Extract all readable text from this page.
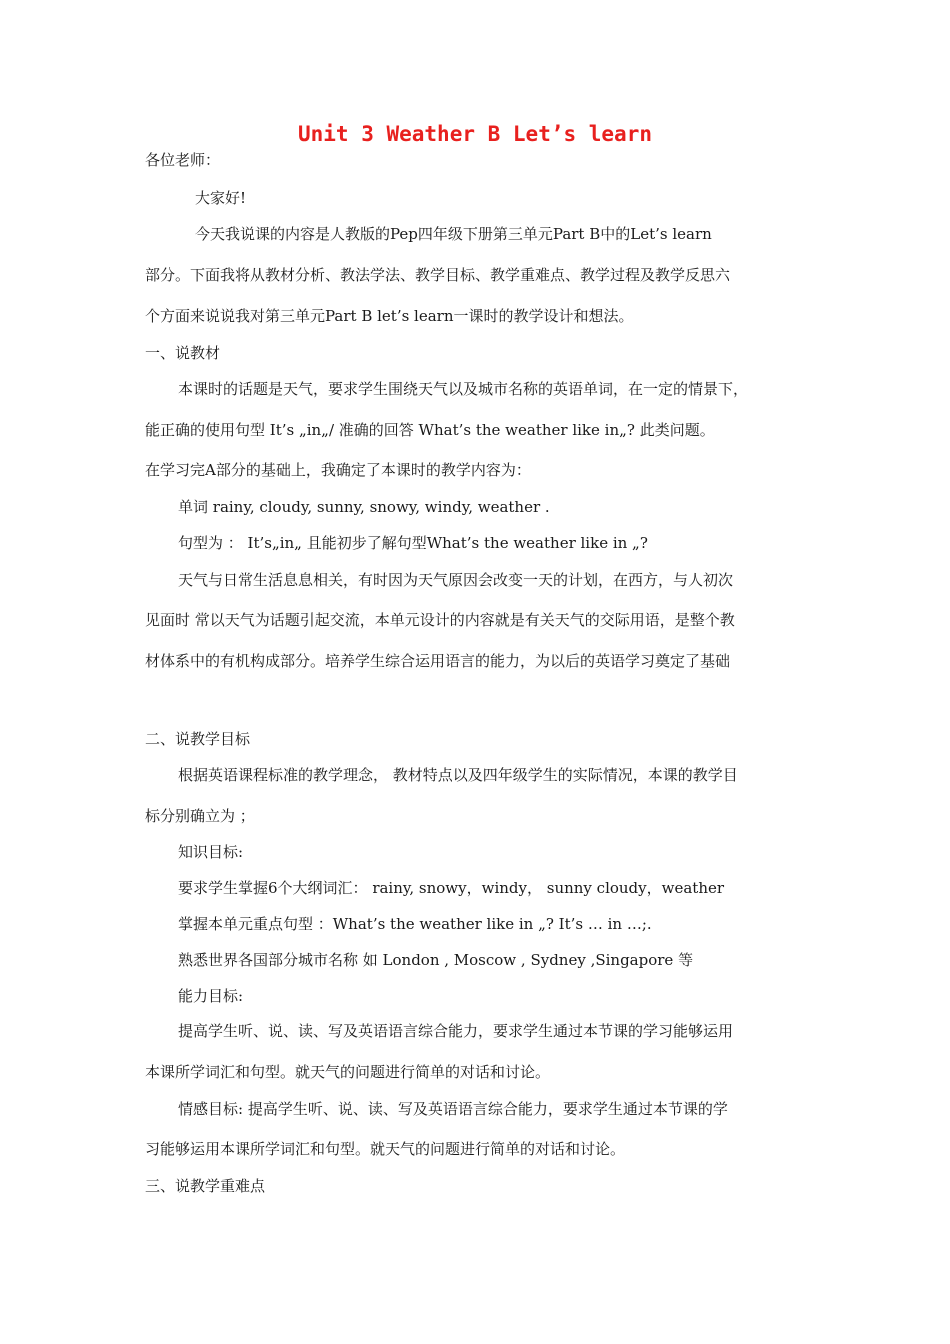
Unit 3 Weather B Let’s learn
各位老师：
大家好!
今天我说课的内容是人教版的Pep四年级下册第三单元Part B中的Let’s learn
部分。下面我将从教材分析、教法学法、教学目标、教学重难点、教学过程及教学反思六
个方面来说说我对第三单元Part B let’s learn一课时的教学设计和想法。
一、说教材
本课时的话题是天气，要求学生围绕天气以及城市名称的英语单词，在一定的情景下，
能正确的使用句型 It’s „in„/ 准确的回答 What’s the weather like in„? 此类问题。
在学习完A部分的基础上，我确定了本课时的教学内容为：
单词 rainy, cloudy, sunny, snowy, windy, weather .
句型为 ： It’s„in„ 且能初步了解句型What’s the weather like in „?
天气与日常生活息息相关，有时因为天气原因会改变一天的计划，在西方，与人初次
见面时 常以天气为话题引起交流，本单元设计的内容就是有关天气的交际用语，是整个教
材体系中的有机构成部分。培养学生综合运用语言的能力，为以后的英语学习奠定了基础
二、说教学目标
根据英语课程标准的教学理念， 教材特点以及四年级学生的实际情况，本课的教学目
标分别确立为 ；
知识目标:
要求学生掌握6个大纲词汇： rainy, snowy，windy， sunny cloudy，weather
掌握本单元重点句型 ：What’s the weather like in „? It’s … in …;.
熟悉世界各国部分城市名称 如 London , Moscow , Sydney ,Singapore 等
能力目标:
提高学生听、说、读、写及英语语言综合能力，要求学生通过本节课的学习能够运用
本课所学词汇和句型。就天气的问题进行简单的对话和讨论。
情感目标: 提高学生听、说、读、写及英语语言综合能力，要求学生通过本节课的学
习能够运用本课所学词汇和句型。就天气的问题进行简单的对话和讨论。
三、说教学重难点
